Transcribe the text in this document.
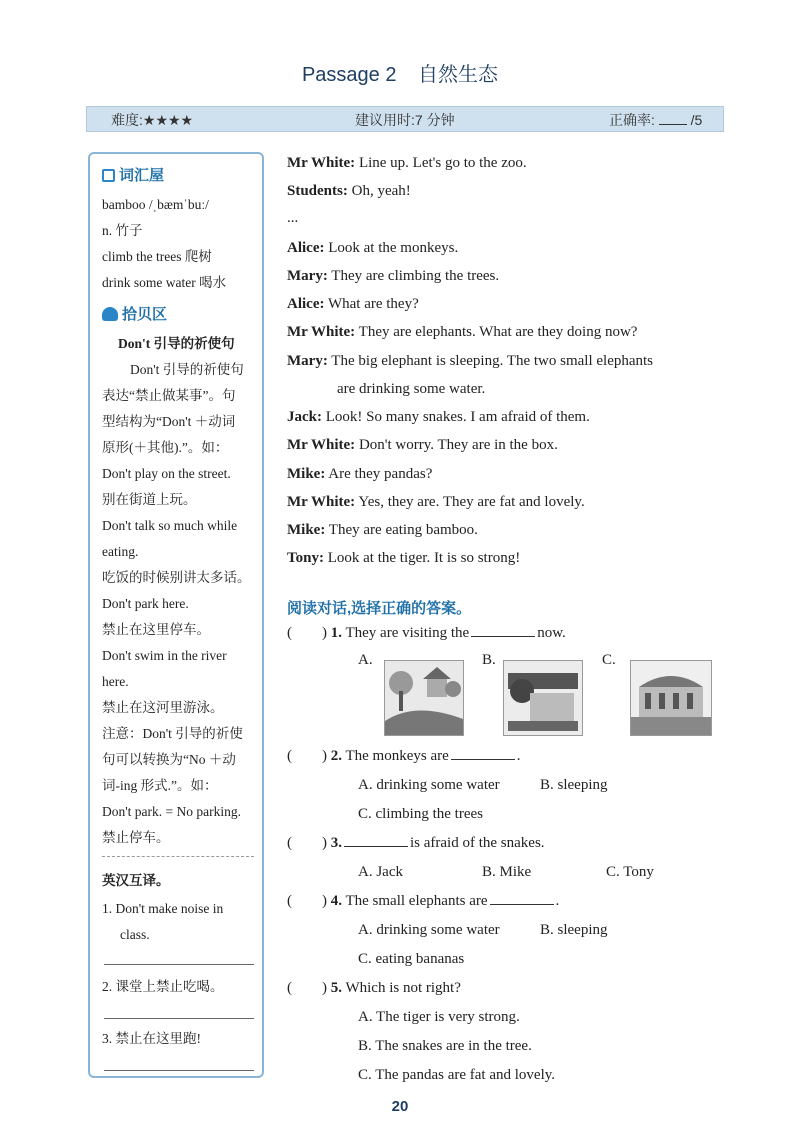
Passage 2 自然生态
难度:★★★★	建议用时:7 分钟	正确率:	/5
词汇屋
bamboo /ˌbæmˈbuː/
n. 竹子
climb the trees 爬树
drink some water 喝水
拾贝区
Don't 引导的祈使句
Don't 引导的祈使句
表达“禁止做某事”。句
型结构为“Don't ＋动词
原形(＋其他).”。如：
Don't play on the street.
别在街道上玩。
Don't talk so much while
eating.
吃饭的时候别讲太多话。
Don't park here.
禁止在这里停车。
Don't swim in the river
here.
禁止在这河里游泳。
注意：Don't 引导的祈使
句可以转换为“No ＋动
词-ing 形式.”。如：
Don't park. = No parking.
禁止停车。
英汉互译。
1. Don't make noise in
class.
2. 课堂上禁止吃喝。
3. 禁止在这里跑!
Mr White: Line up. Let's go to the zoo.
Students: Oh, yeah!
...
Alice: Look at the monkeys.
Mary: They are climbing the trees.
Alice: What are they?
Mr White: They are elephants. What are they doing now?
Mary: The big elephant is sleeping. The two small elephants
are drinking some water.
Jack: Look! So many snakes. I am afraid of them.
Mr White: Don't worry. They are in the box.
Mike: Are they pandas?
Mr White: Yes, they are. They are fat and lovely.
Mike: They are eating bamboo.
Tony: Look at the tiger. It is so strong!
阅读对话,选择正确的答案。
( ) 1. They are visiting the	now.
A.	B.	C.
( ) 2. The monkeys are	.
A. drinking some water	B. sleeping
C. climbing the trees
( ) 3.	is afraid of the snakes.
A. Jack	B. Mike	C. Tony
( ) 4. The small elephants are	.
A. drinking some water	B. sleeping
C. eating bananas
( ) 5. Which is not right?
A. The tiger is very strong.
B. The snakes are in the tree.
C. The pandas are fat and lovely.
20
